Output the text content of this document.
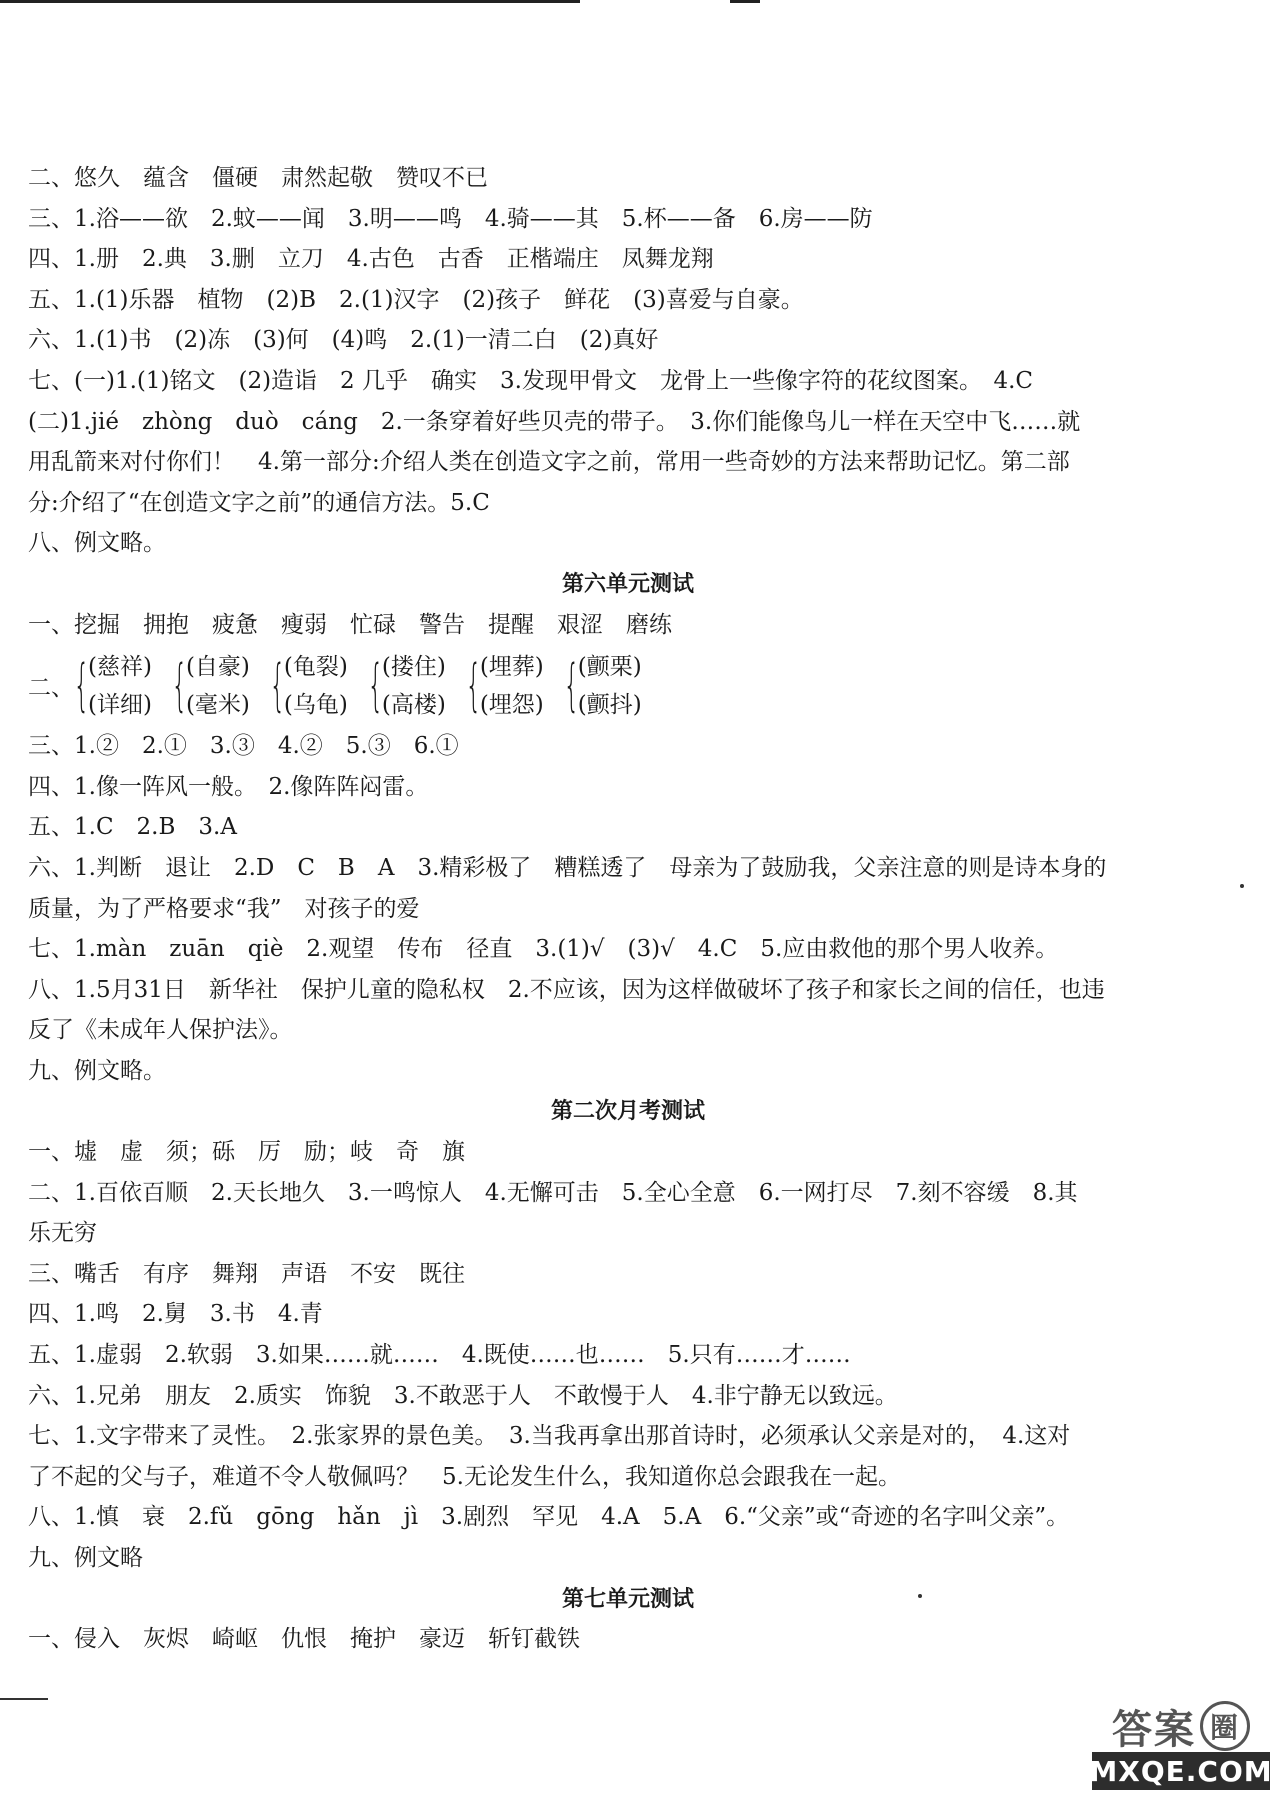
二、悠久　蕴含　僵硬　肃然起敬　赞叹不已
三、1.浴——欲　2.蚊——闻　3.明——鸣　4.骑——其　5.杯——备　6.房——防
四、1.册　2.典　3.删　立刀　4.古色　古香　正楷端庄　凤舞龙翔
五、1.(1)乐器　植物　(2)B　2.(1)汉字　(2)孩子　鲜花　(3)喜爱与自豪。
六、1.(1)书　(2)冻　(3)何　(4)鸣　2.(1)一清二白　(2)真好
七、(一)1.(1)铭文　(2)造诣　2 几乎　确实　3.发现甲骨文　龙骨上一些像字符的花纹图案。　4.C
(二)1.jié　zhòng　duò　cáng　2.一条穿着好些贝壳的带子。　3.你们能像鸟儿一样在天空中飞……就
用乱箭来对付你们！　4.第一部分:介绍人类在创造文字之前，常用一些奇妙的方法来帮助记忆。第二部
分:介绍了“在创造文字之前”的通信方法。5.C
八、例文略。
第六单元测试
一、挖掘　拥抱　疲惫　瘦弱　忙碌　警告　提醒　艰涩　磨练
二、 {
(慈祥)
(详细) {
(自豪)
(毫米) {
(龟裂)
(乌龟) {
(搂住)
(高楼) {
(埋葬)
(埋怨) {
(颤栗)
(颤抖)
三、1.②　2.①　3.③　4.②　5.③　6.①
四、1.像一阵风一般。　2.像阵阵闷雷。
五、1.C　2.B　3.A
六、1.判断　退让　2.D　C　B　A　3.精彩极了　糟糕透了　母亲为了鼓励我，父亲注意的则是诗本身的
质量，为了严格要求“我”　对孩子的爱
七、1.màn　zuān　qiè　2.观望　传布　径直　3.(1)√　(3)√　4.C　5.应由救他的那个男人收养。
八、1.5月31日　新华社　保护儿童的隐私权　2.不应该，因为这样做破坏了孩子和家长之间的信任，也违
反了《未成年人保护法》。
九、例文略。
第二次月考测试
一、墟　虚　须；砾　厉　励；岐　奇　旗
二、1.百依百顺　2.天长地久　3.一鸣惊人　4.无懈可击　5.全心全意　6.一网打尽　7.刻不容缓　8.其
乐无穷
三、嘴舌　有序　舞翔　声语　不安　既往
四、1.鸣　2.舅　3.书　4.青
五、1.虚弱　2.软弱　3.如果……就……　4.既使……也……　5.只有……才……
六、1.兄弟　朋友　2.质实　饰貌　3.不敢恶于人　不敢慢于人　4.非宁静无以致远。
七、1.文字带来了灵性。　2.张家界的景色美。　3.当我再拿出那首诗时，必须承认父亲是对的，　4.这对
了不起的父与子，难道不令人敬佩吗？　5.无论发生什么，我知道你总会跟我在一起。
八、1.慎　衰　2.fǔ　gōng　hǎn　jì　3.剧烈　罕见　4.A　5.A　6.“父亲”或“奇迹的名字叫父亲”。
九、例文略
第七单元测试
一、侵入　灰烬　崎岖　仇恨　掩护　豪迈　斩钉截铁
答案 圈
MXQE.COM
